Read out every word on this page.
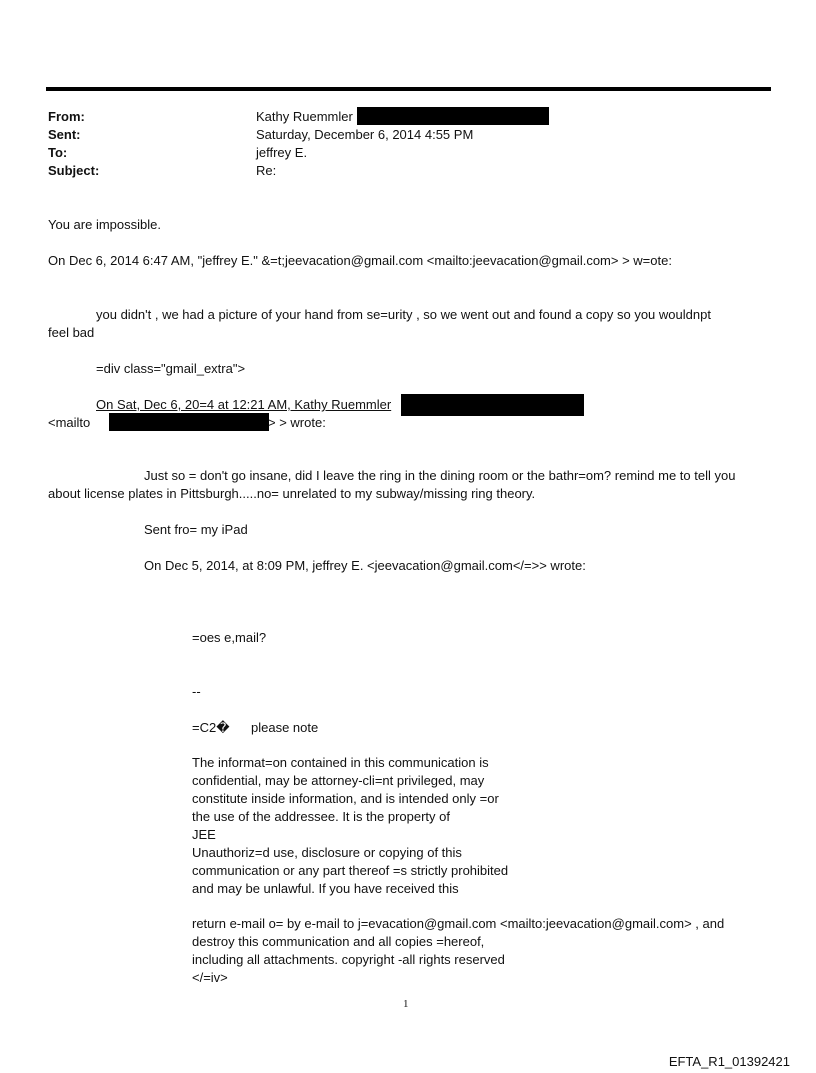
From:	Kathy Ruemmler
Sent:	Saturday, December 6, 2014 4:55 PM
To:	jeffrey E.
Subject:	Re:
You are impossible.
On Dec 6, 2014 6:47 AM, "jeffrey E." &=t;jeevacation@gmail.com <mailto:jeevacation@gmail.com> > w=ote:
you didn't , we had a picture of your hand from se=urity , so we went out and found a copy so you wouldnpt
feel bad
=div class="gmail_extra">
On Sat, Dec 6, 20=4 at 12:21 AM, Kathy Ruemmler
<mailto	> > wrote:
Just so = don't go insane, did I leave the ring in the dining room or the bathr=om? remind me to tell you
about license plates in Pittsburgh.....no= unrelated to my subway/missing ring theory.
Sent fro= my iPad
On Dec 5, 2014, at 8:09 PM, jeffrey E. <jeevacation@gmail.com</=>> wrote:
=oes e,mail?
--
=C2� please note
The informat=on contained in this communication is
confidential, may be attorney-cli=nt privileged, may
constitute inside information, and is intended only =or
the use of the addressee. It is the property of
JEE
Unauthoriz=d use, disclosure or copying of this
communication or any part thereof =s strictly prohibited
and may be unlawful. If you have received this
return e-mail o= by e-mail to j=evacation@gmail.com <mailto:jeevacation@gmail.com> , and
destroy this communication and all copies =hereof,
including all attachments. copyright -all rights reserved
</=iv>
1
EFTA_R1_01392421
